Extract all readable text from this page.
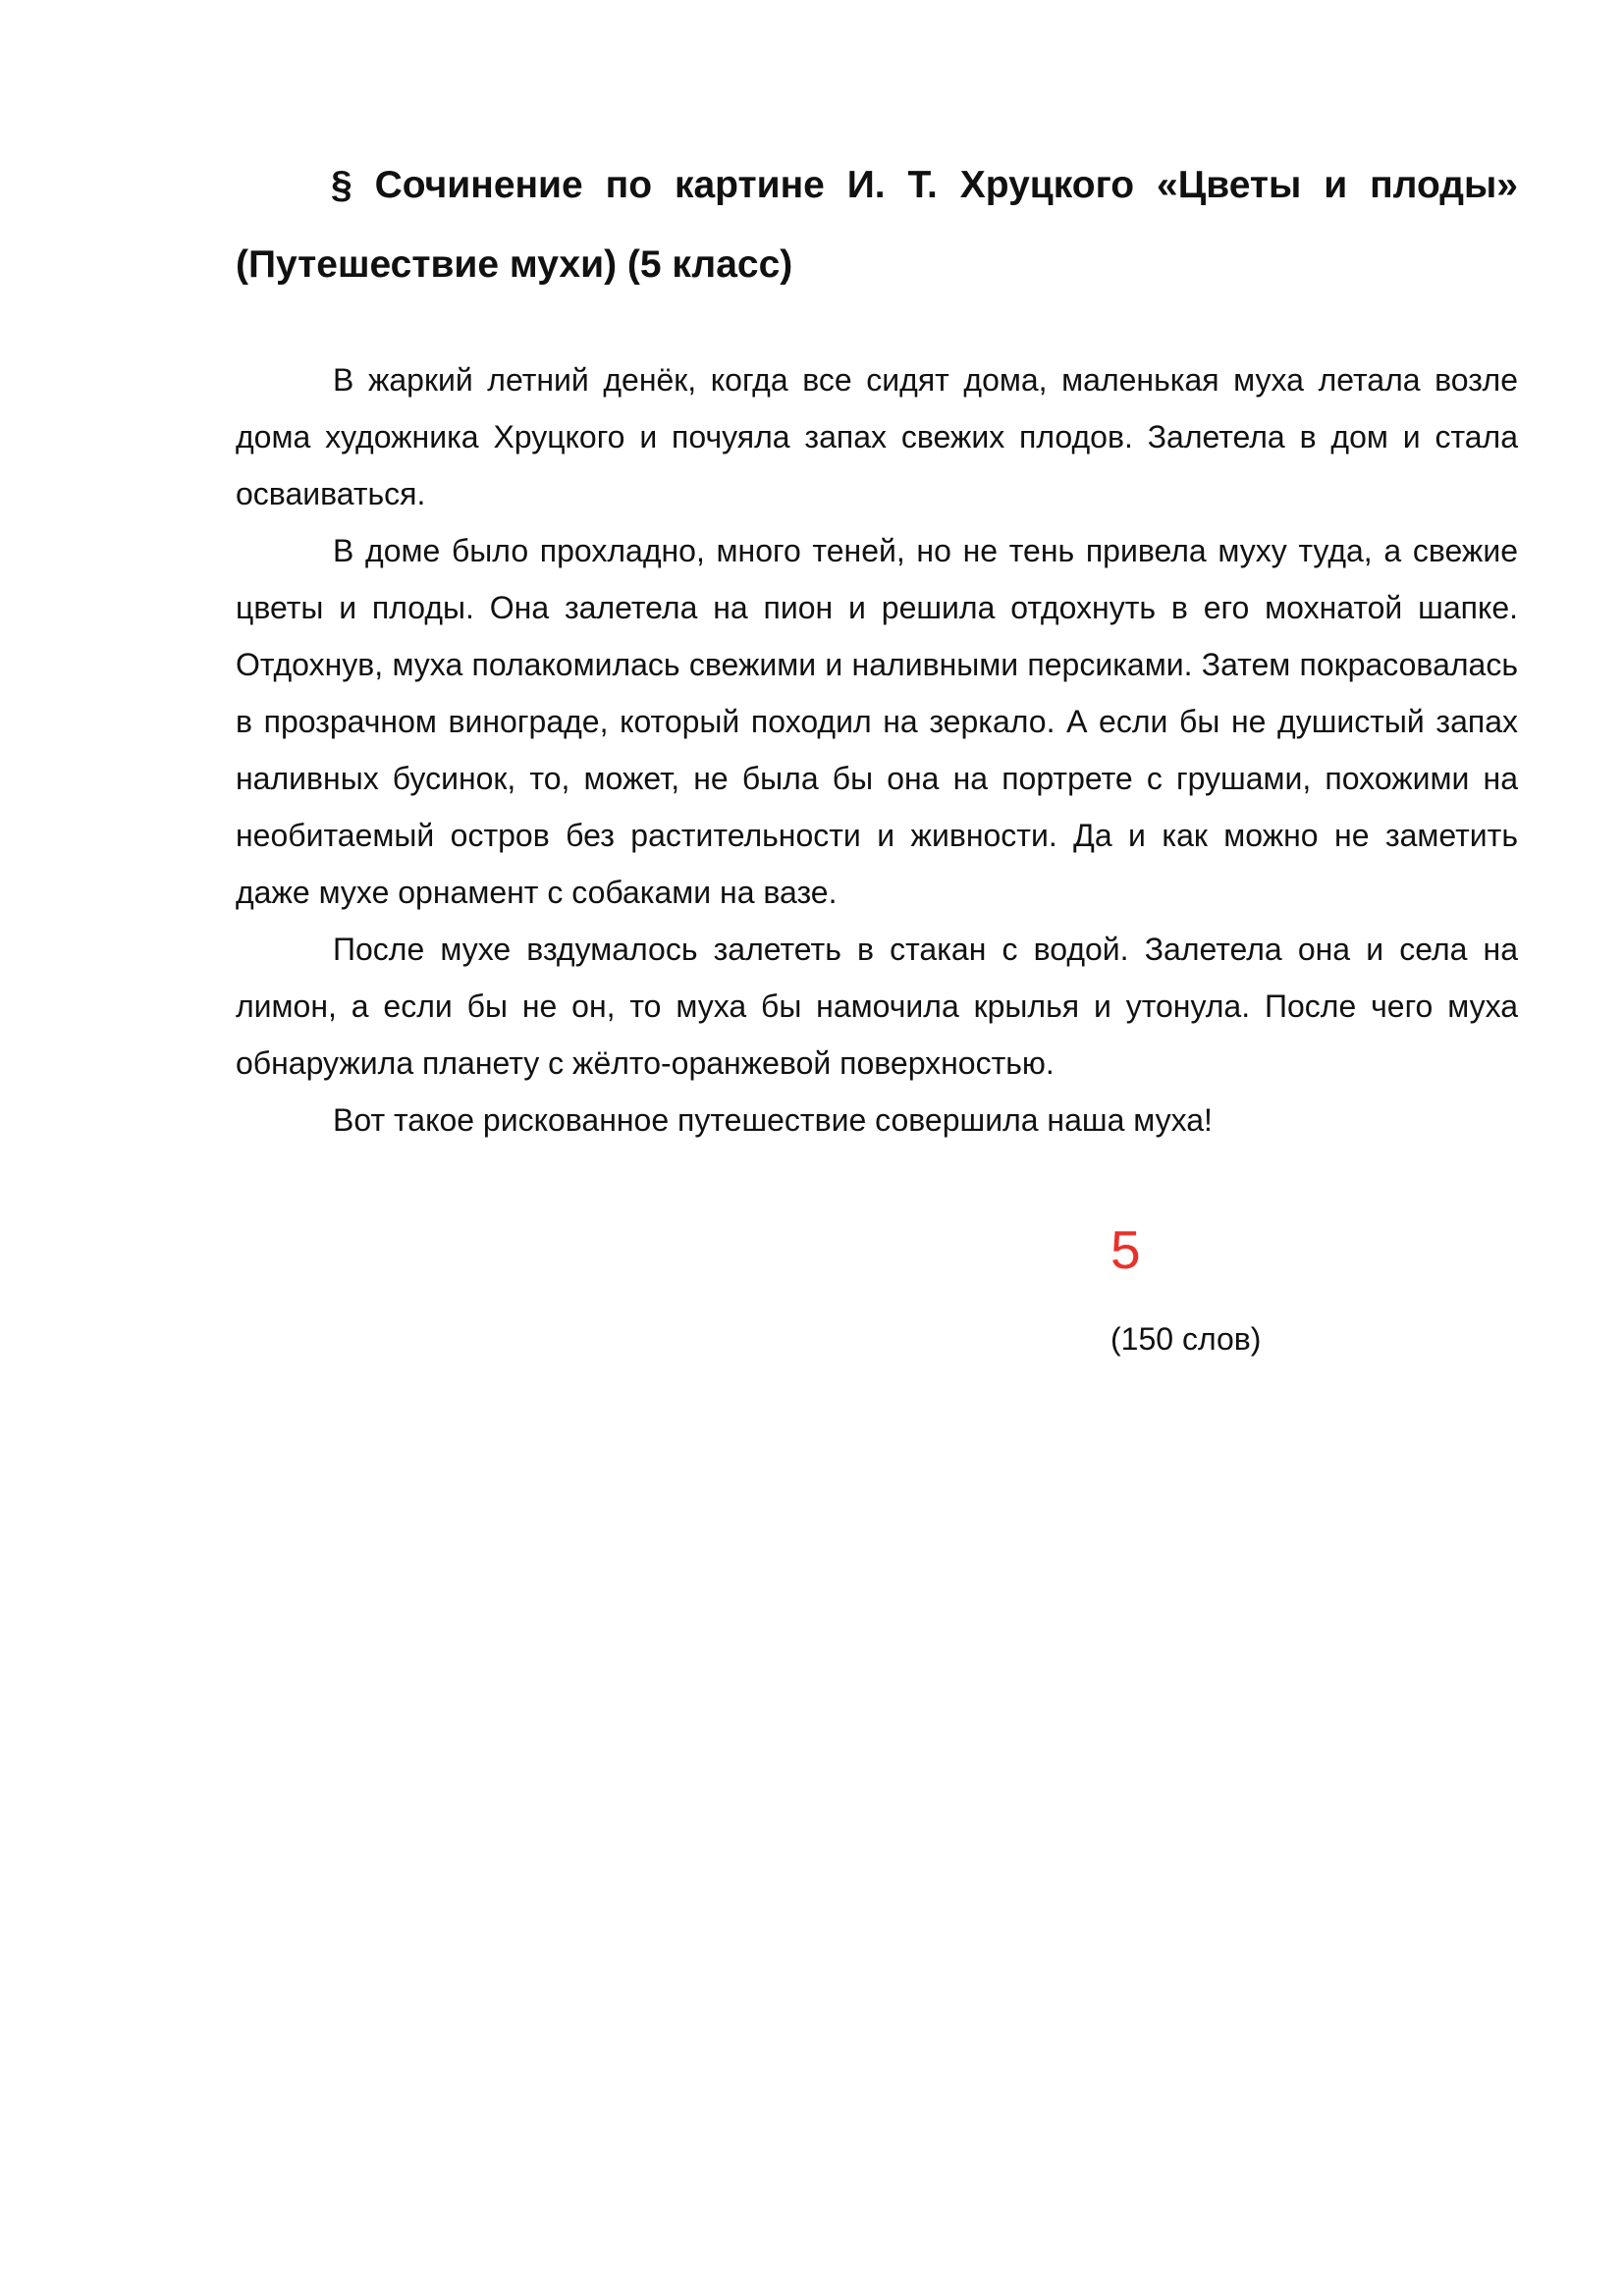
§ Сочинение по картине И. Т. Хруцкого «Цветы и плоды» (Путешествие мухи) (5 класс)

В жаркий летний денёк, когда все сидят дома, маленькая муха летала возле дома художника Хруцкого и почуяла запах свежих плодов. Залетела в дом и стала осваиваться.

В доме было прохладно, много теней, но не тень привела муху туда, а свежие цветы и плоды. Она залетела на пион и решила отдохнуть в его мохнатой шапке. Отдохнув, муха полакомилась свежими и наливными персиками. Затем покрасовалась в прозрачном винограде, который походил на зеркало. А если бы не душистый запах наливных бусинок, то, может, не была бы она на портрете с грушами, похожими на необитаемый остров без растительности и живности. Да и как можно не заметить даже мухе орнамент с собаками на вазе.

После мухе вздумалось залететь в стакан с водой. Залетела она и села на лимон, а если бы не он, то муха бы намочила крылья и утонула. После чего муха обнаружила планету с жёлто-оранжевой поверхностью.

Вот такое рискованное путешествие совершила наша муха!

5
(150 слов)
